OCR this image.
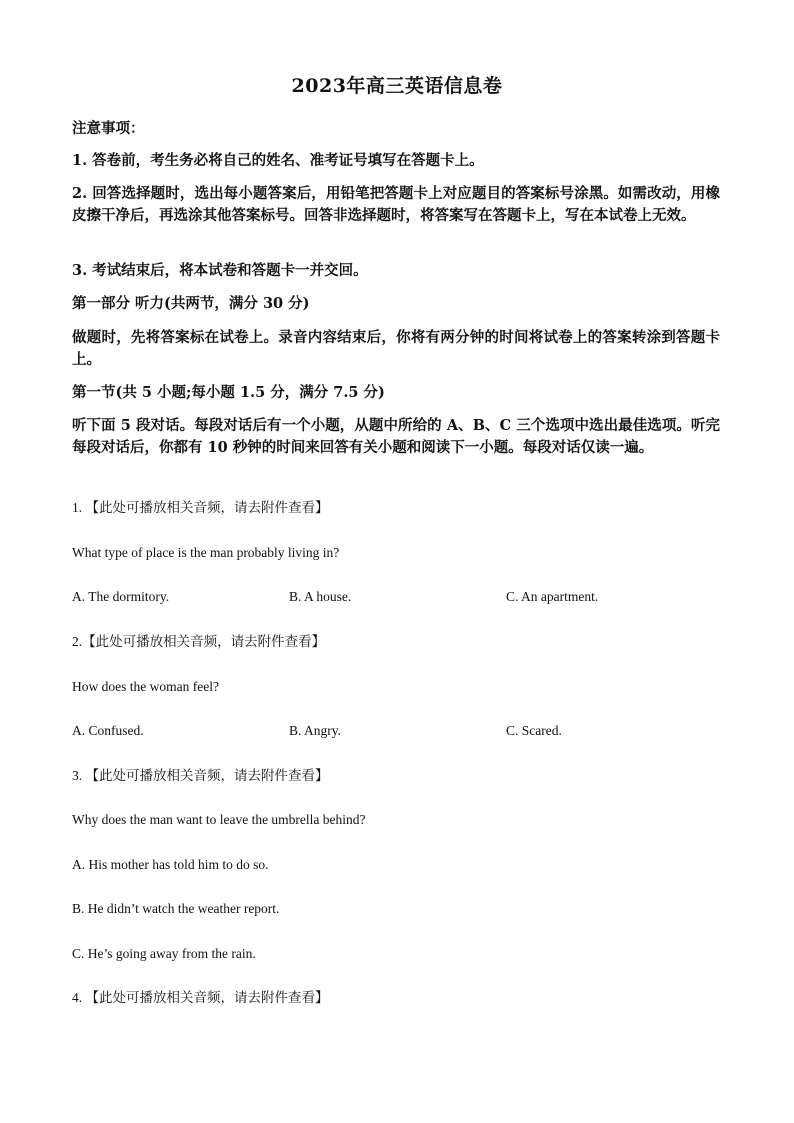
2023年高三英语信息卷
注意事项：
1. 答卷前，考生务必将自己的姓名、准考证号填写在答题卡上。
2. 回答选择题时，选出每小题答案后，用铅笔把答题卡上对应题目的答案标号涂黑。如需改动，用橡皮擦干净后，再选涂其他答案标号。回答非选择题时，将答案写在答题卡上，写在本试卷上无效。
3. 考试结束后，将本试卷和答题卡一并交回。
第一部分 听力(共两节，满分 30 分)
做题时，先将答案标在试卷上。录音内容结束后，你将有两分钟的时间将试卷上的答案转涂到答题卡上。
第一节(共 5 小题;每小题 1.5 分，满分 7.5 分)
听下面 5 段对话。每段对话后有一个小题，从题中所给的 A、B、C 三个选项中选出最佳选项。听完每段对话后，你都有 10 秒钟的时间来回答有关小题和阅读下一小题。每段对话仅读一遍。
1. 【此处可播放相关音频，请去附件查看】
What type of place is the man probably living in?
A. The dormitory.	B. A house.	C. An apartment.
2.【此处可播放相关音频，请去附件查看】
How does the woman feel?
A. Confused.	B. Angry.	C. Scared.
3. 【此处可播放相关音频，请去附件查看】
Why does the man want to leave the umbrella behind?
A. His mother has told him to do so.
B. He didn’t watch the weather report.
C. He’s going away from the rain.
4. 【此处可播放相关音频，请去附件查看】
